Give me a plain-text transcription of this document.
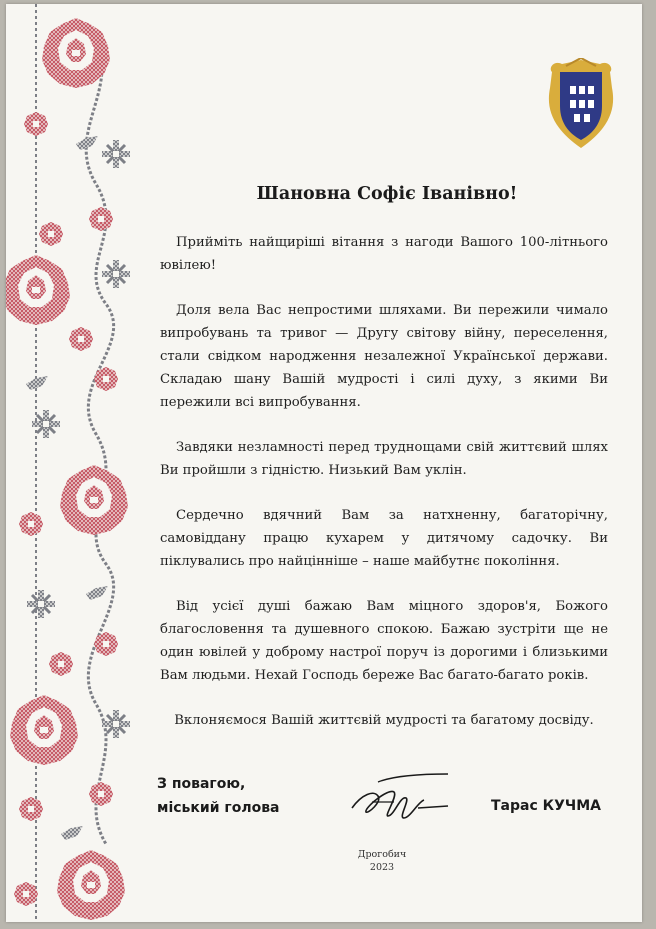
Шановна Софіє Іванівно!

Прийміть найщиріші вітання з нагоди Вашого 100-літнього ювілею!

Доля вела Вас непростими шляхами. Ви пережили чимало випробувань та тривог — Другу світову війну, переселення, стали свідком народження незалежної Української держави. Складаю шану Вашій мудрості і силі духу, з якими Ви пережили всі випробування.

Завдяки незламності перед труднощами свій життєвий шлях Ви пройшли з гідністю. Низький Вам уклін.

Сердечно вдячний Вам за натхненну, багаторічну, самовіддану працю кухарем у дитячому садочку. Ви піклувались про найцінніше – наше майбутнє покоління.

Від усієї душі бажаю Вам міцного здоров'я, Божого благословення та душевного спокою. Бажаю зустріти ще не один ювілей у доброму настрої поруч із дорогими і близькими Вам людьми. Нехай Господь береже Вас багато-багато років.

Вклоняємося Вашій життєвій мудрості та багатому досвіду.

З повагою,
міський голова	Тарас КУЧМА
Дрогобич
2023
